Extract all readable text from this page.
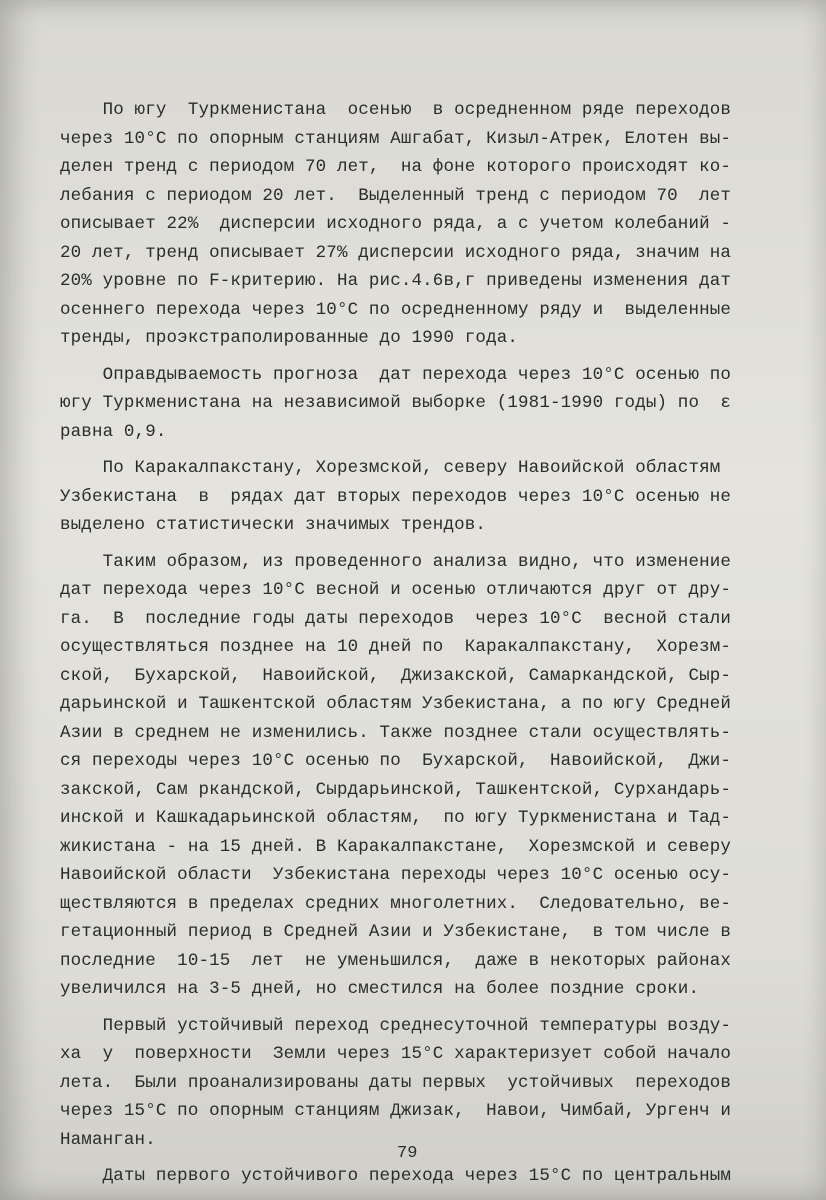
По югу  Туркменистана  осенью  в осредненном ряде переходов
через 10°С по опорным станциям Ашгабат, Кизыл-Атрек, Елотен вы-
делен тренд с периодом 70 лет,  на фоне которого происходят ко-
лебания с периодом 20 лет.  Выделенный тренд с периодом 70  лет
описывает 22%  дисперсии исходного ряда, а с учетом колебаний -
20 лет, тренд описывает 27% дисперсии исходного ряда, значим на
20% уровне по F-критерию. На рис.4.6в,г приведены изменения дат
осеннего перехода через 10°С по осредненному ряду и  выделенные
тренды, проэкстраполированные до 1990 года.
Оправдываемость прогноза  дат перехода через 10°С осенью по
югу Туркменистана на независимой выборке (1981-1990 годы) по  ε
равна 0,9.
По Каракалпакстану, Хорезмской, северу Навоийской областям
Узбекистана  в  рядах дат вторых переходов через 10°С осенью не
выделено статистически значимых трендов.
Таким образом, из проведенного анализа видно, что изменение
дат перехода через 10°С весной и осенью отличаются друг от дру-
га.  В  последние годы даты переходов  через 10°С  весной стали
осуществляться позднее на 10 дней по  Каракалпакстану,  Хорезм-
ской,  Бухарской,  Навоийской,  Джизакской, Самаркандской, Сыр-
дарьинской и Ташкентской областям Узбекистана, а по югу Средней
Азии в среднем не изменились. Также позднее стали осуществлять-
ся переходы через 10°С осенью по  Бухарской,  Навоийской,  Джи-
закской, Сам ркандской, Сырдарьинской, Ташкентской, Сурхандарь-
инской и Кашкадарьинской областям,  по югу Туркменистана и Тад-
жикистана - на 15 дней. В Каракалпакстане,  Хорезмской и северу
Навоийской области  Узбекистана переходы через 10°С осенью осу-
ществляются в пределах средних многолетних.  Следовательно, ве-
гетационный период в Средней Азии и Узбекистане,  в том числе в
последние  10-15  лет  не уменьшился,  даже в некоторых районах
увеличился на 3-5 дней, но сместился на более поздние сроки.
Первый устойчивый переход среднесуточной температуры возду-
ха  у  поверхности  Земли через 15°С характеризует собой начало
лета.  Были проанализированы даты первых  устойчивых  переходов
через 15°С по опорным станциям Джизак,  Навои, Чимбай, Ургенч и
Наманган.
Даты первого устойчивого перехода через 15°С по центральным
79
